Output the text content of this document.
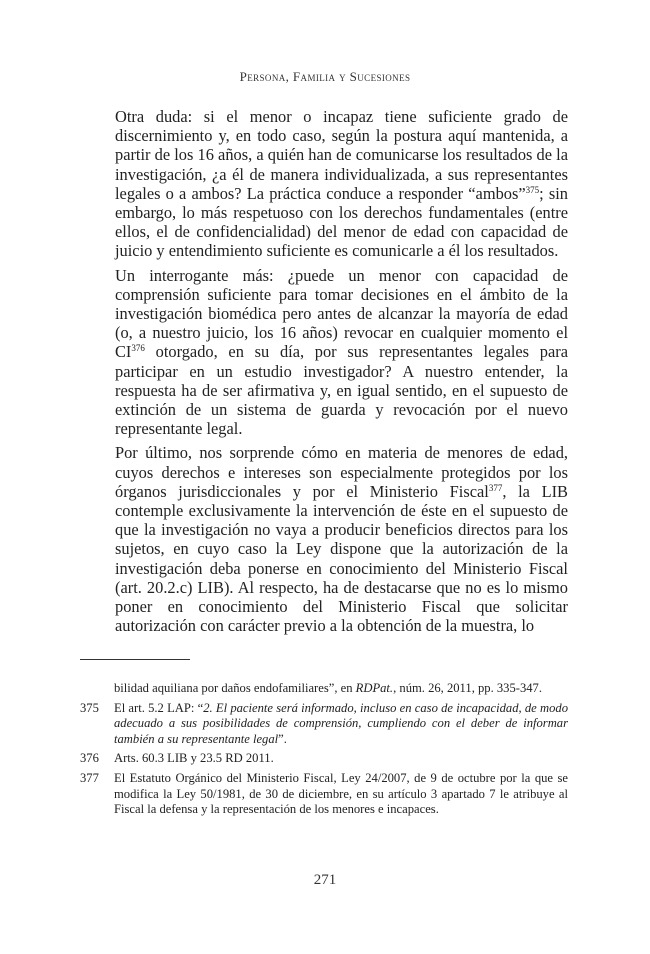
Persona, Familia y Sucesiones

Otra duda: si el menor o incapaz tiene suficiente grado de discernimiento y, en todo caso, según la postura aquí mantenida, a partir de los 16 años, a quién han de comunicarse los resultados de la investigación, ¿a él de manera individualizada, a sus representantes legales o a ambos? La práctica conduce a responder “ambos”$^{375}$; sin embargo, lo más respetuoso con los derechos fundamentales (entre ellos, el de confidencialidad) del menor de edad con capacidad de juicio y entendimiento suficiente es comunicarle a él los resultados.

Un interrogante más: ¿puede un menor con capacidad de comprensión suficiente para tomar decisiones en el ámbito de la investigación biomédica pero antes de alcanzar la mayoría de edad (o, a nuestro juicio, los 16 años) revocar en cualquier momento el CI$^{376}$ otorgado, en su día, por sus representantes legales para participar en un estudio investigador? A nuestro entender, la respuesta ha de ser afirmativa y, en igual sentido, en el supuesto de extinción de un sistema de guarda y revocación por el nuevo representante legal.

Por último, nos sorprende cómo en materia de menores de edad, cuyos derechos e intereses son especialmente protegidos por los órganos jurisdiccionales y por el Ministerio Fiscal$^{377}$, la LIB contemple exclusivamente la intervención de éste en el supuesto de que la investigación no vaya a producir beneficios directos para los sujetos, en cuyo caso la Ley dispone que la autorización de la investigación deba ponerse en conocimiento del Ministerio Fiscal (art. 20.2.c) LIB). Al respecto, ha de destacarse que no es lo mismo poner en conocimiento del Ministerio Fiscal que solicitar autorización con carácter previo a la obtención de la muestra, lo

bilidad aquiliana por daños endofamiliares”, en RDPat., núm. 26, 2011, pp. 335-347.
375	El art. 5.2 LAP: “2. El paciente será informado, incluso en caso de incapacidad, de modo adecuado a sus posibilidades de comprensión, cumpliendo con el deber de informar también a su representante legal”.
376	Arts. 60.3 LIB y 23.5 RD 2011.
377	El Estatuto Orgánico del Ministerio Fiscal, Ley 24/2007, de 9 de octubre por la que se modifica la Ley 50/1981, de 30 de diciembre, en su artículo 3 apartado 7 le atribuye al Fiscal la defensa y la representación de los menores e incapaces.
271
